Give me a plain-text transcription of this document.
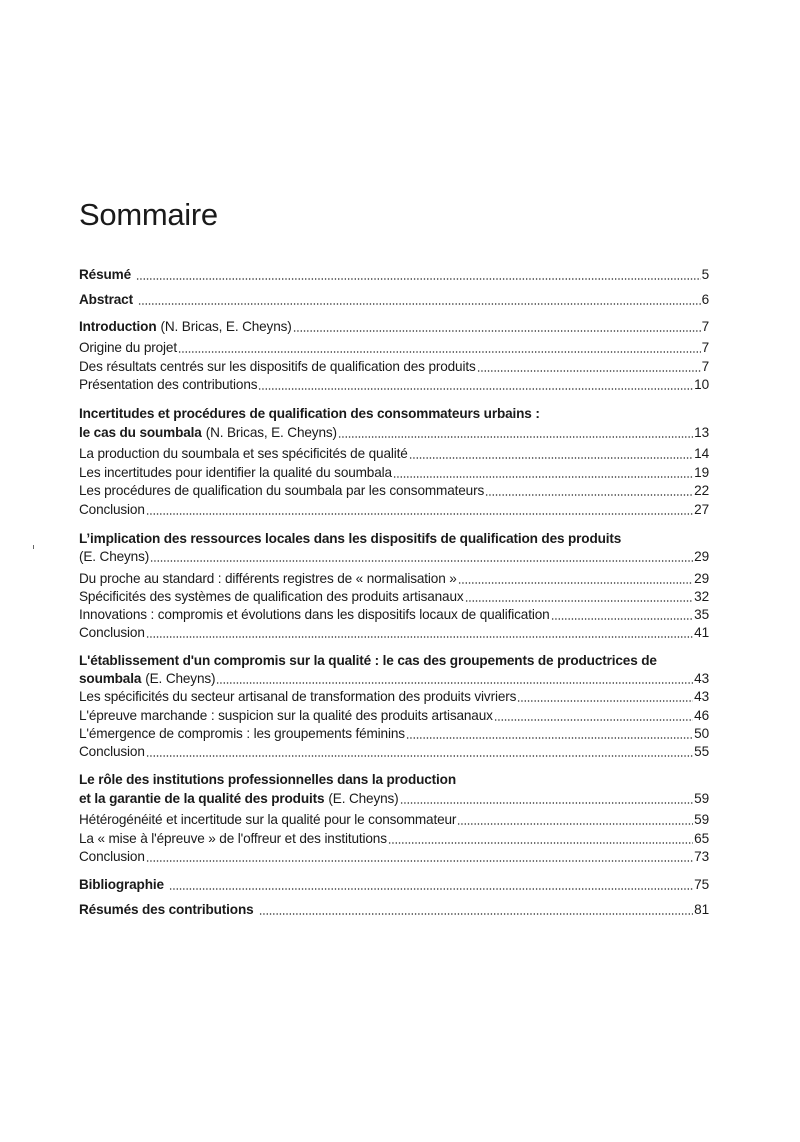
Sommaire
Résumé	5
Abstract	6
Introduction (N. Bricas, E. Cheyns)	7
Origine du projet	7
Des résultats centrés sur les dispositifs de qualification des produits	7
Présentation des contributions	10
Incertitudes et procédures de qualification des consommateurs urbains :
le cas du soumbala (N. Bricas, E. Cheyns)	13
La production du soumbala et ses spécificités de qualité	14
Les incertitudes pour identifier la qualité du soumbala	19
Les procédures de qualification du soumbala par les consommateurs	22
Conclusion	27
L’implication des ressources locales dans les dispositifs de qualification des produits
(E. Cheyns)	29
Du proche au standard : différents registres de « normalisation »	29
Spécificités des systèmes de qualification des produits artisanaux	32
Innovations : compromis et évolutions dans les dispositifs locaux de qualification	35
Conclusion	41
L'établissement d'un compromis sur la qualité : le cas des groupements de productrices de
soumbala (E. Cheyns)	43
Les spécificités du secteur artisanal de transformation des produits vivriers	43
L'épreuve marchande : suspicion sur la qualité des produits artisanaux	46
L'émergence de compromis : les groupements féminins	50
Conclusion	55
Le rôle des institutions professionnelles dans la production
et la garantie de la qualité des produits (E. Cheyns)	59
Hétérogénéité et incertitude sur la qualité pour le consommateur	59
La « mise à l'épreuve » de l'offreur et des institutions	65
Conclusion	73
Bibliographie	75
Résumés des contributions	81
